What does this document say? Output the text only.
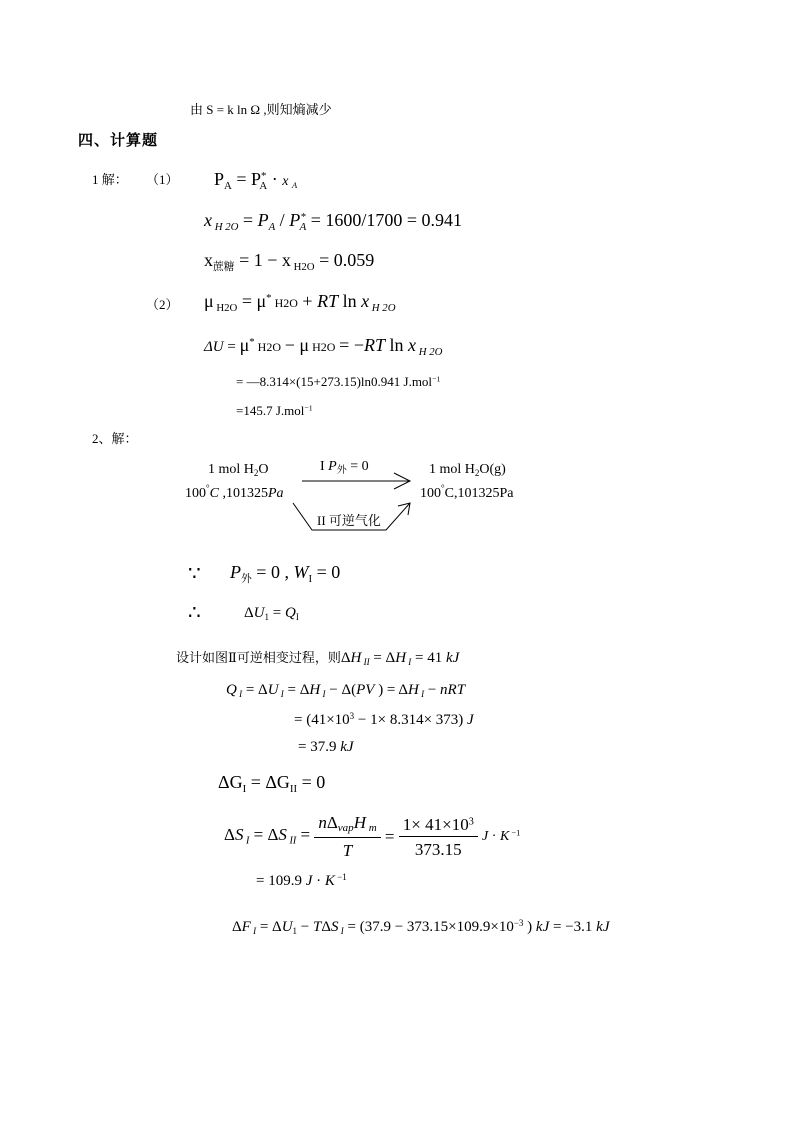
由 S = k ln Ω ,则知熵减少
四、计算题
1 解： （1） $P_A = P^*_A \cdot x$ $_A$
x $_{H 2O} = P_A / P^*_A = 1600/1700 = 0.941$
$x_{蔗糖} = 1 - x$ $_{H2O}$ = 0.059
（2） μ $_{H2O}$ = μ* H2O + RT ln x $_{H 2O}$
ΔU = μ* H2O − μ H2O = −RT ln x $_{H 2O}$
= —8.314×(15+273.15)ln0.941 J.mol$^{-1}$
=145.7 J.mol$^{-1}$
2、解：
1 mol $H_2O$
100°C ,101325Pa
I $P_外 = 0$	1 mol $H_2O(g)$
100°C,101325Pa
II 可逆气化
∵ $P_外 = 0$ , $W_I = 0$
∴	$\Delta U_1 = Q_I$
设计如图Ⅱ可逆相变过程，则ΔH $_{II}$ = ΔH $_I$ = 41 kJ
Q $_I$ = ΔU $_I$ = ΔH $_I$ − Δ(PV ) = ΔH $_I$ − nRT
= $(41\times 10^3 - 1\times 8.314\times 373)$ J
= 37.9 kJ
$\Delta G_I = \Delta G_{II} = 0$
ΔS $_I$ = ΔS $_{II} = \frac{\text{nΔvapH m}}{T} = \frac{1\times 41\times 10^3}{373.15}$ J · K $^{-1}$
= 109.9 J · K $^{-1}$
ΔF $_I = \Delta U_1 - T\Delta S$ $_I = (37.9 - 373.15\times 109.9\times 10^{-3}$ ) kJ = −3.1 kJ
